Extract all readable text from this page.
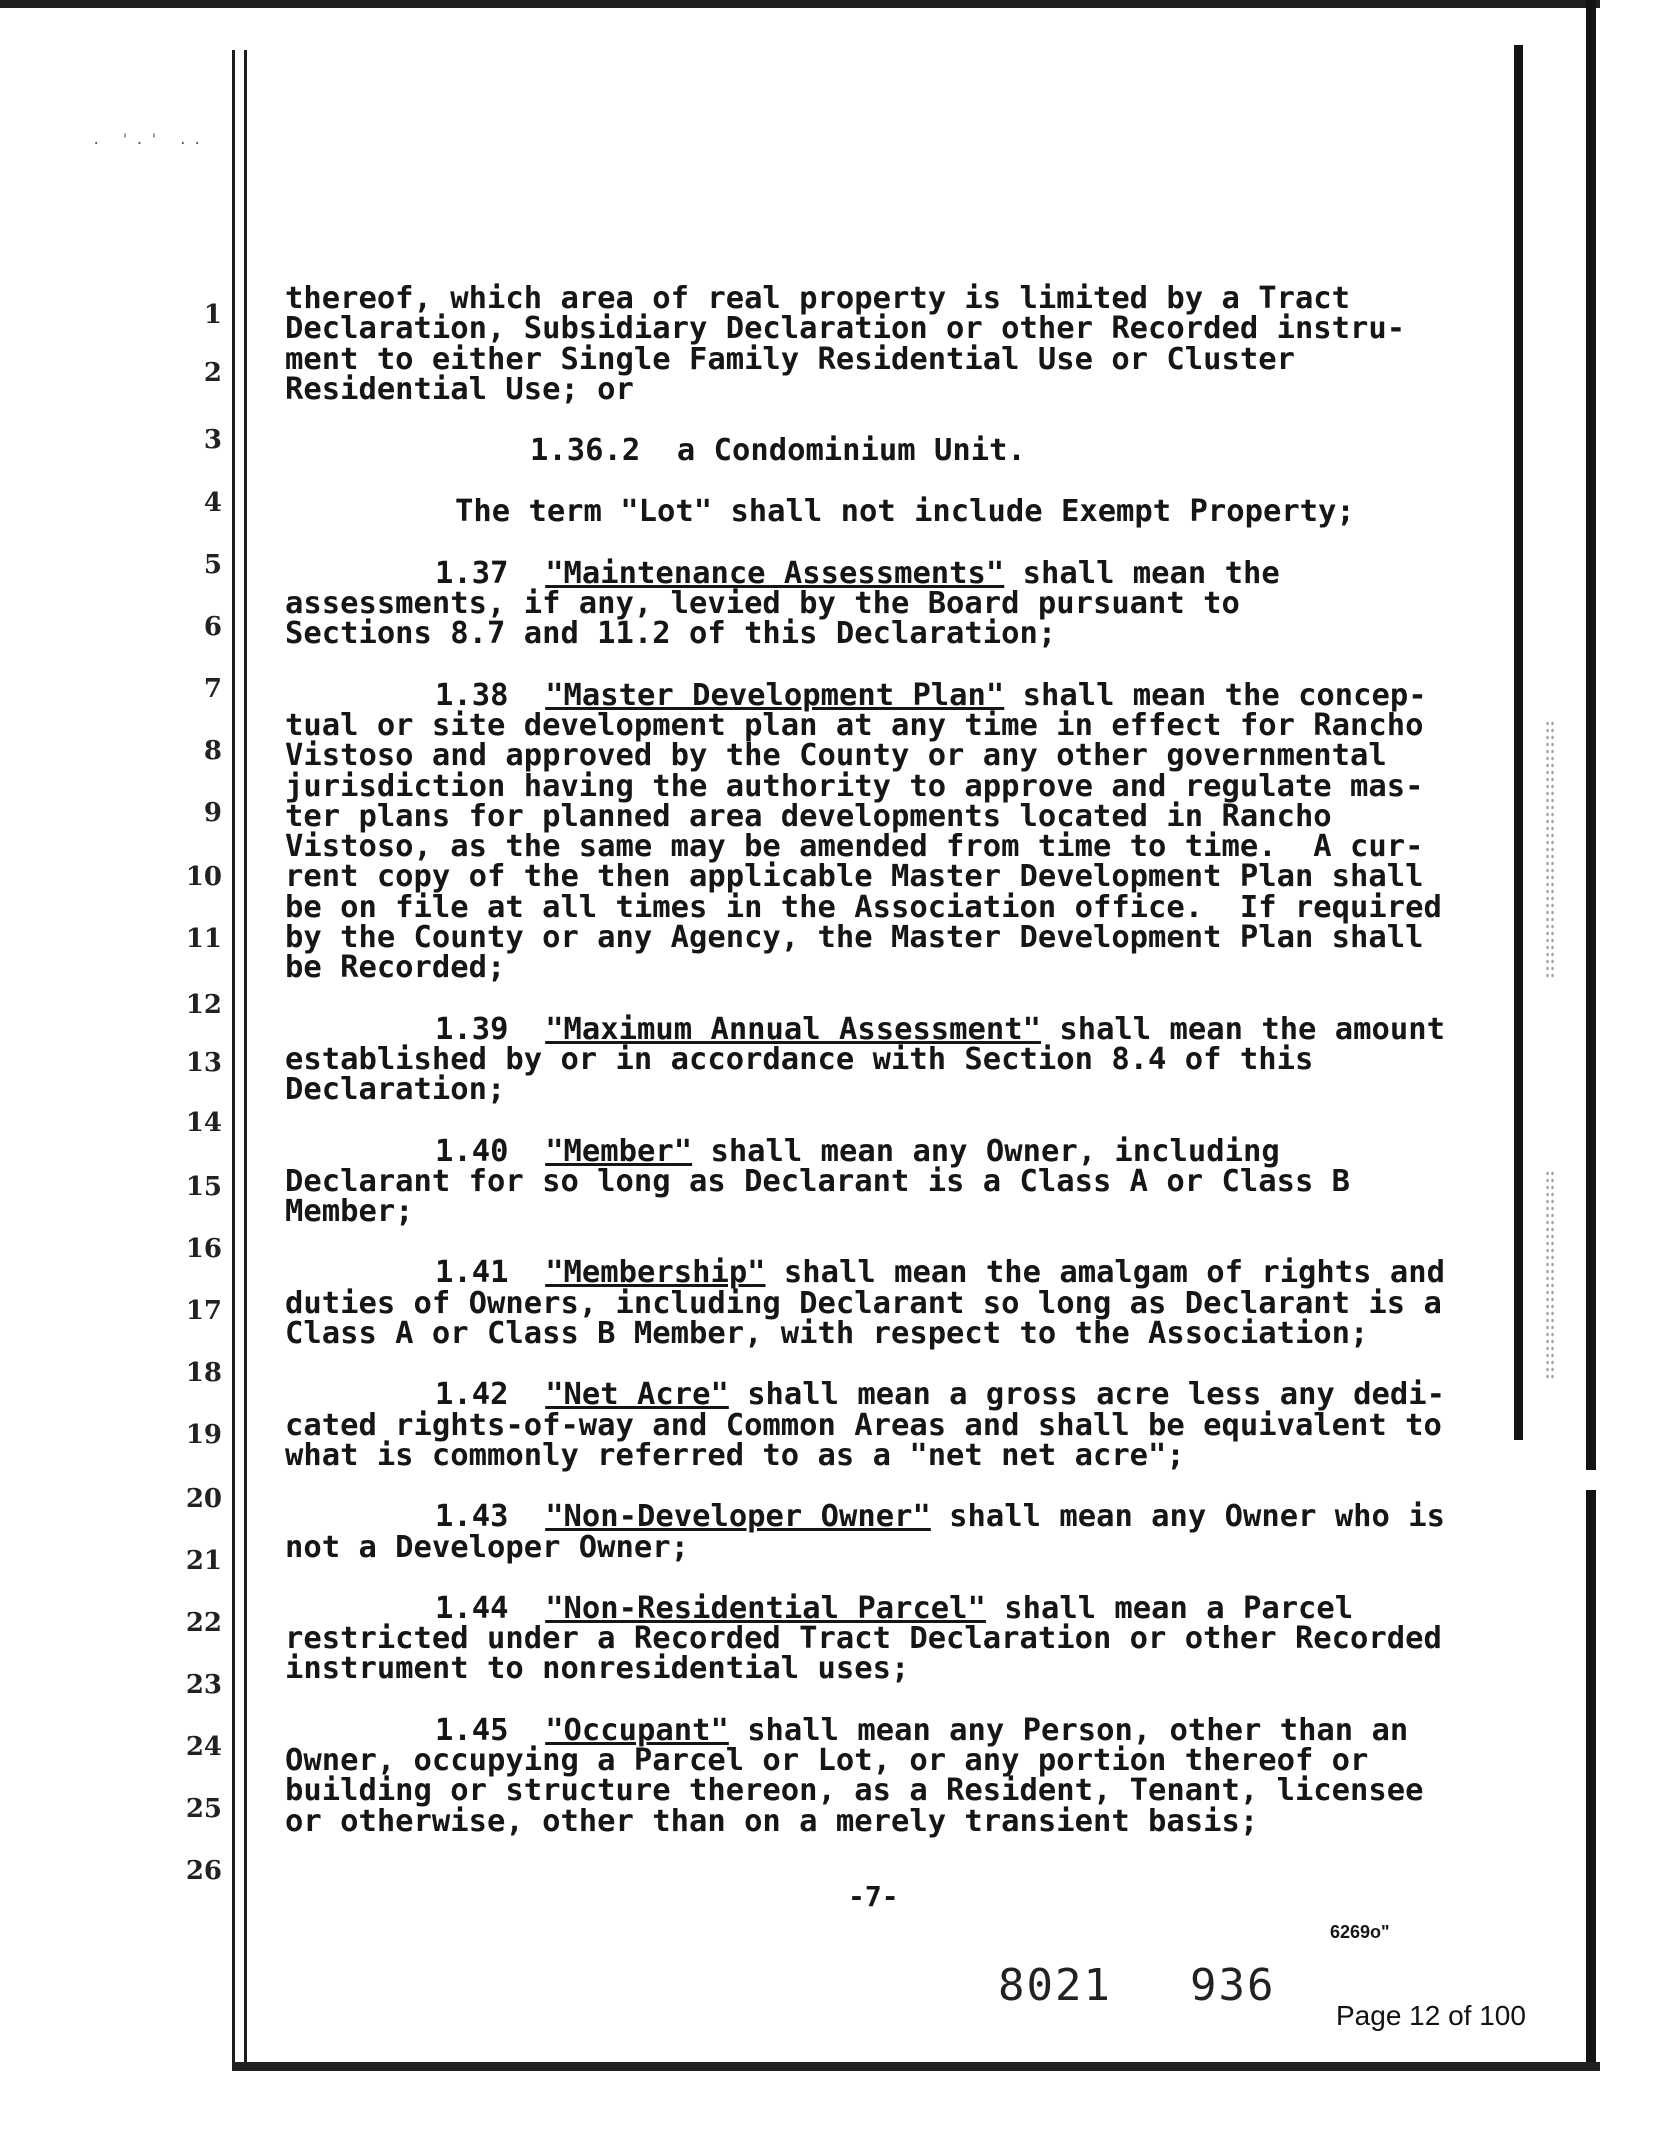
. '.' ..
1
2
3
4
5
6
7
8
9
10
11
12
13
14
15
16
17
18
19
20
21
22
23
24
25
26
thereof, which area of real property is limited by a Tract
Declaration, Subsidiary Declaration or other Recorded instru-
ment to either Single Family Residential Use or Cluster
Residential Use; or
1.36.2  a Condominium Unit.
The term "Lot" shall not include Exempt Property;
1.37 "Maintenance Assessments" shall mean the
assessments, if any, levied by the Board pursuant to
Sections 8.7 and 11.2 of this Declaration;
1.38 "Master Development Plan" shall mean the concep-
tual or site development plan at any time in effect for Rancho
Vistoso and approved by the County or any other governmental
jurisdiction having the authority to approve and regulate mas-
ter plans for planned area developments located in Rancho
Vistoso, as the same may be amended from time to time.  A cur-
rent copy of the then applicable Master Development Plan shall
be on file at all times in the Association office.  If required
by the County or any Agency, the Master Development Plan shall
be Recorded;
1.39 "Maximum Annual Assessment" shall mean the amount
established by or in accordance with Section 8.4 of this
Declaration;
1.40 "Member" shall mean any Owner, including
Declarant for so long as Declarant is a Class A or Class B
Member;
1.41 "Membership" shall mean the amalgam of rights and
duties of Owners, including Declarant so long as Declarant is a
Class A or Class B Member, with respect to the Association;
1.42 "Net Acre" shall mean a gross acre less any dedi-
cated rights-of-way and Common Areas and shall be equivalent to
what is commonly referred to as a "net net acre";
1.43 "Non-Developer Owner" shall mean any Owner who is
not a Developer Owner;
1.44 "Non-Residential Parcel" shall mean a Parcel
restricted under a Recorded Tract Declaration or other Recorded
instrument to nonresidential uses;
1.45 "Occupant" shall mean any Person, other than an
Owner, occupying a Parcel or Lot, or any portion thereof or
building or structure thereon, as a Resident, Tenant, licensee
or otherwise, other than on a merely transient basis;
-7-
6269o"
8021 936
Page 12 of 100
